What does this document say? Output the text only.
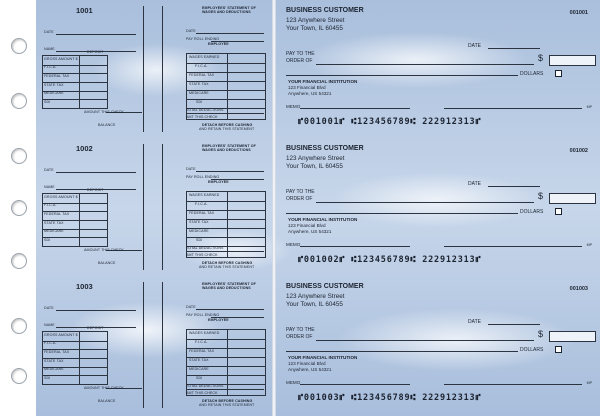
1001
DATE
NAME
DEPOSIT
GROSS AMOUNT $
F.I.C.A.
FEDERAL TAX
STATE TAX
MEDICARE
SDI
AMOUNT THIS CHECK
BALANCE
EMPLOYEES' STATEMENT OF
WAGES AND DEDUCTIONS
DATE
PAY ROLL ENDING
EMPLOYEE
WAGES EARNED
F.I.C.A.
FEDERAL TAX
STATE TAX
MEDICARE
SDI
TOTAL DEDUCTIONS
AMT THIS CHECK
DETACH BEFORE CASHING
AND RETAIN THIS STATEMENT
1002
DATE
NAME
DEPOSIT
GROSS AMOUNT $
F.I.C.A.
FEDERAL TAX
STATE TAX
MEDICARE
SDI
AMOUNT THIS CHECK
BALANCE
EMPLOYEES' STATEMENT OF
WAGES AND DEDUCTIONS
DATE
PAY ROLL ENDING
EMPLOYEE
WAGES EARNED
F.I.C.A.
FEDERAL TAX
STATE TAX
MEDICARE
SDI
TOTAL DEDUCTIONS
AMT THIS CHECK
DETACH BEFORE CASHING
AND RETAIN THIS STATEMENT
1003
DATE
NAME
DEPOSIT
GROSS AMOUNT $
F.I.C.A.
FEDERAL TAX
STATE TAX
MEDICARE
SDI
AMOUNT THIS CHECK
BALANCE
EMPLOYEES' STATEMENT OF
WAGES AND DEDUCTIONS
DATE
PAY ROLL ENDING
EMPLOYEE
WAGES EARNED
F.I.C.A.
FEDERAL TAX
STATE TAX
MEDICARE
SDI
TOTAL DEDUCTIONS
AMT THIS CHECK
DETACH BEFORE CASHING
AND RETAIN THIS STATEMENT
BUSINESS CUSTOMER
123 Anywhere Street
Your Town, IL 60455
001001
DATE
PAY TO THE
ORDER OF	$
DOLLARS
YOUR FINANCIAL INSTITUTION
123 Financial Blvd
Anywhere, US 54321
MEMO	MP
⑈001001⑈ ⑆123456789⑆ 222912313⑈
BUSINESS CUSTOMER
123 Anywhere Street
Your Town, IL 60455
001002
DATE
PAY TO THE
ORDER OF	$
DOLLARS
YOUR FINANCIAL INSTITUTION
123 Financial Blvd
Anywhere, US 54321
MEMO	MP
⑈001002⑈ ⑆123456789⑆ 222912313⑈
BUSINESS CUSTOMER
123 Anywhere Street
Your Town, IL 60455
001003
DATE
PAY TO THE
ORDER OF	$
DOLLARS
YOUR FINANCIAL INSTITUTION
123 Financial Blvd
Anywhere, US 54321
MEMO	MP
⑈001003⑈ ⑆123456789⑆ 222912313⑈
